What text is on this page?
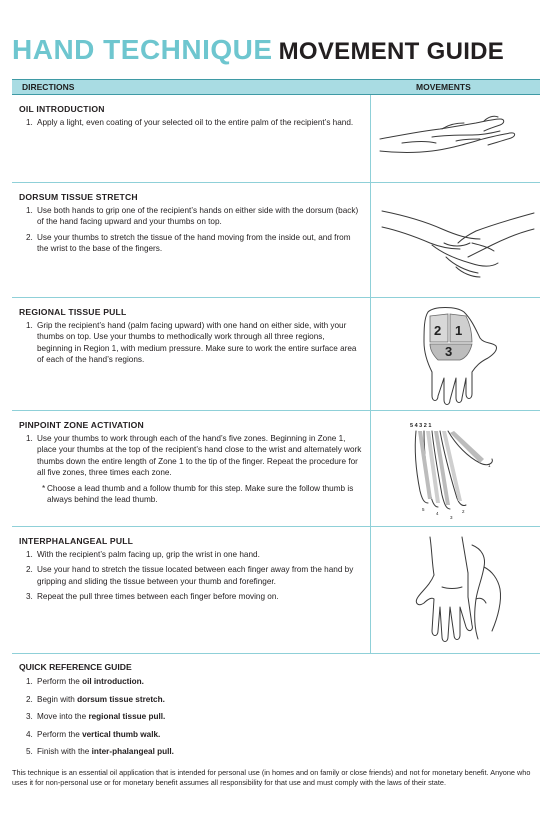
HAND TECHNIQUE MOVEMENT GUIDE
DIRECTIONS	MOVEMENTS
OIL INTRODUCTION
1. Apply a light, even coating of your selected oil to the entire palm of the recipient’s hand.
DORSUM TISSUE STRETCH
1. Use both hands to grip one of the recipient’s hands on either side with the dorsum (back) of the hand facing upward and your thumbs on top.
2. Use your thumbs to stretch the tissue of the hand moving from the inside out, and from the wrist to the base of the fingers.
REGIONAL TISSUE PULL
1. Grip the recipient’s hand (palm facing upward) with one hand on either side, with your thumbs on top. Use your thumbs to methodically work through all three regions, beginning in Region 1, with medium pressure. Make sure to work the entire surface area of each of the hand’s regions.
2 1
3
PINPOINT ZONE ACTIVATION
1. Use your thumbs to work through each of the hand’s five zones. Beginning in Zone 1, place your thumbs at the top of the recipient’s hand close to the wrist and alternately work thumbs down the entire length of Zone 1 to the tip of the finger. Repeat the procedure for all five zones, three times each zone.
* Choose a lead thumb and a follow thumb for this step. Make sure the follow thumb is always behind the lead thumb.
5 4 3 2 1
1
2
3
4
5
INTERPHALANGEAL PULL
1. With the recipient’s palm facing up, grip the wrist in one hand.
2. Use your hand to stretch the tissue located between each finger away from the hand by gripping and sliding the tissue between your thumb and forefinger.
3. Repeat the pull three times between each finger before moving on.
QUICK REFERENCE GUIDE
1. Perform the oil introduction.
2. Begin with dorsum tissue stretch.
3. Move into the regional tissue pull.
4. Perform the vertical thumb walk.
5. Finish with the inter-phalangeal pull.
This technique is an essential oil application that is intended for personal use (in homes and on family or close friends) and not for monetary benefit. Anyone who uses it for non-personal use or for monetary benefit assumes all responsibility for that use and must comply with the laws of their state.
